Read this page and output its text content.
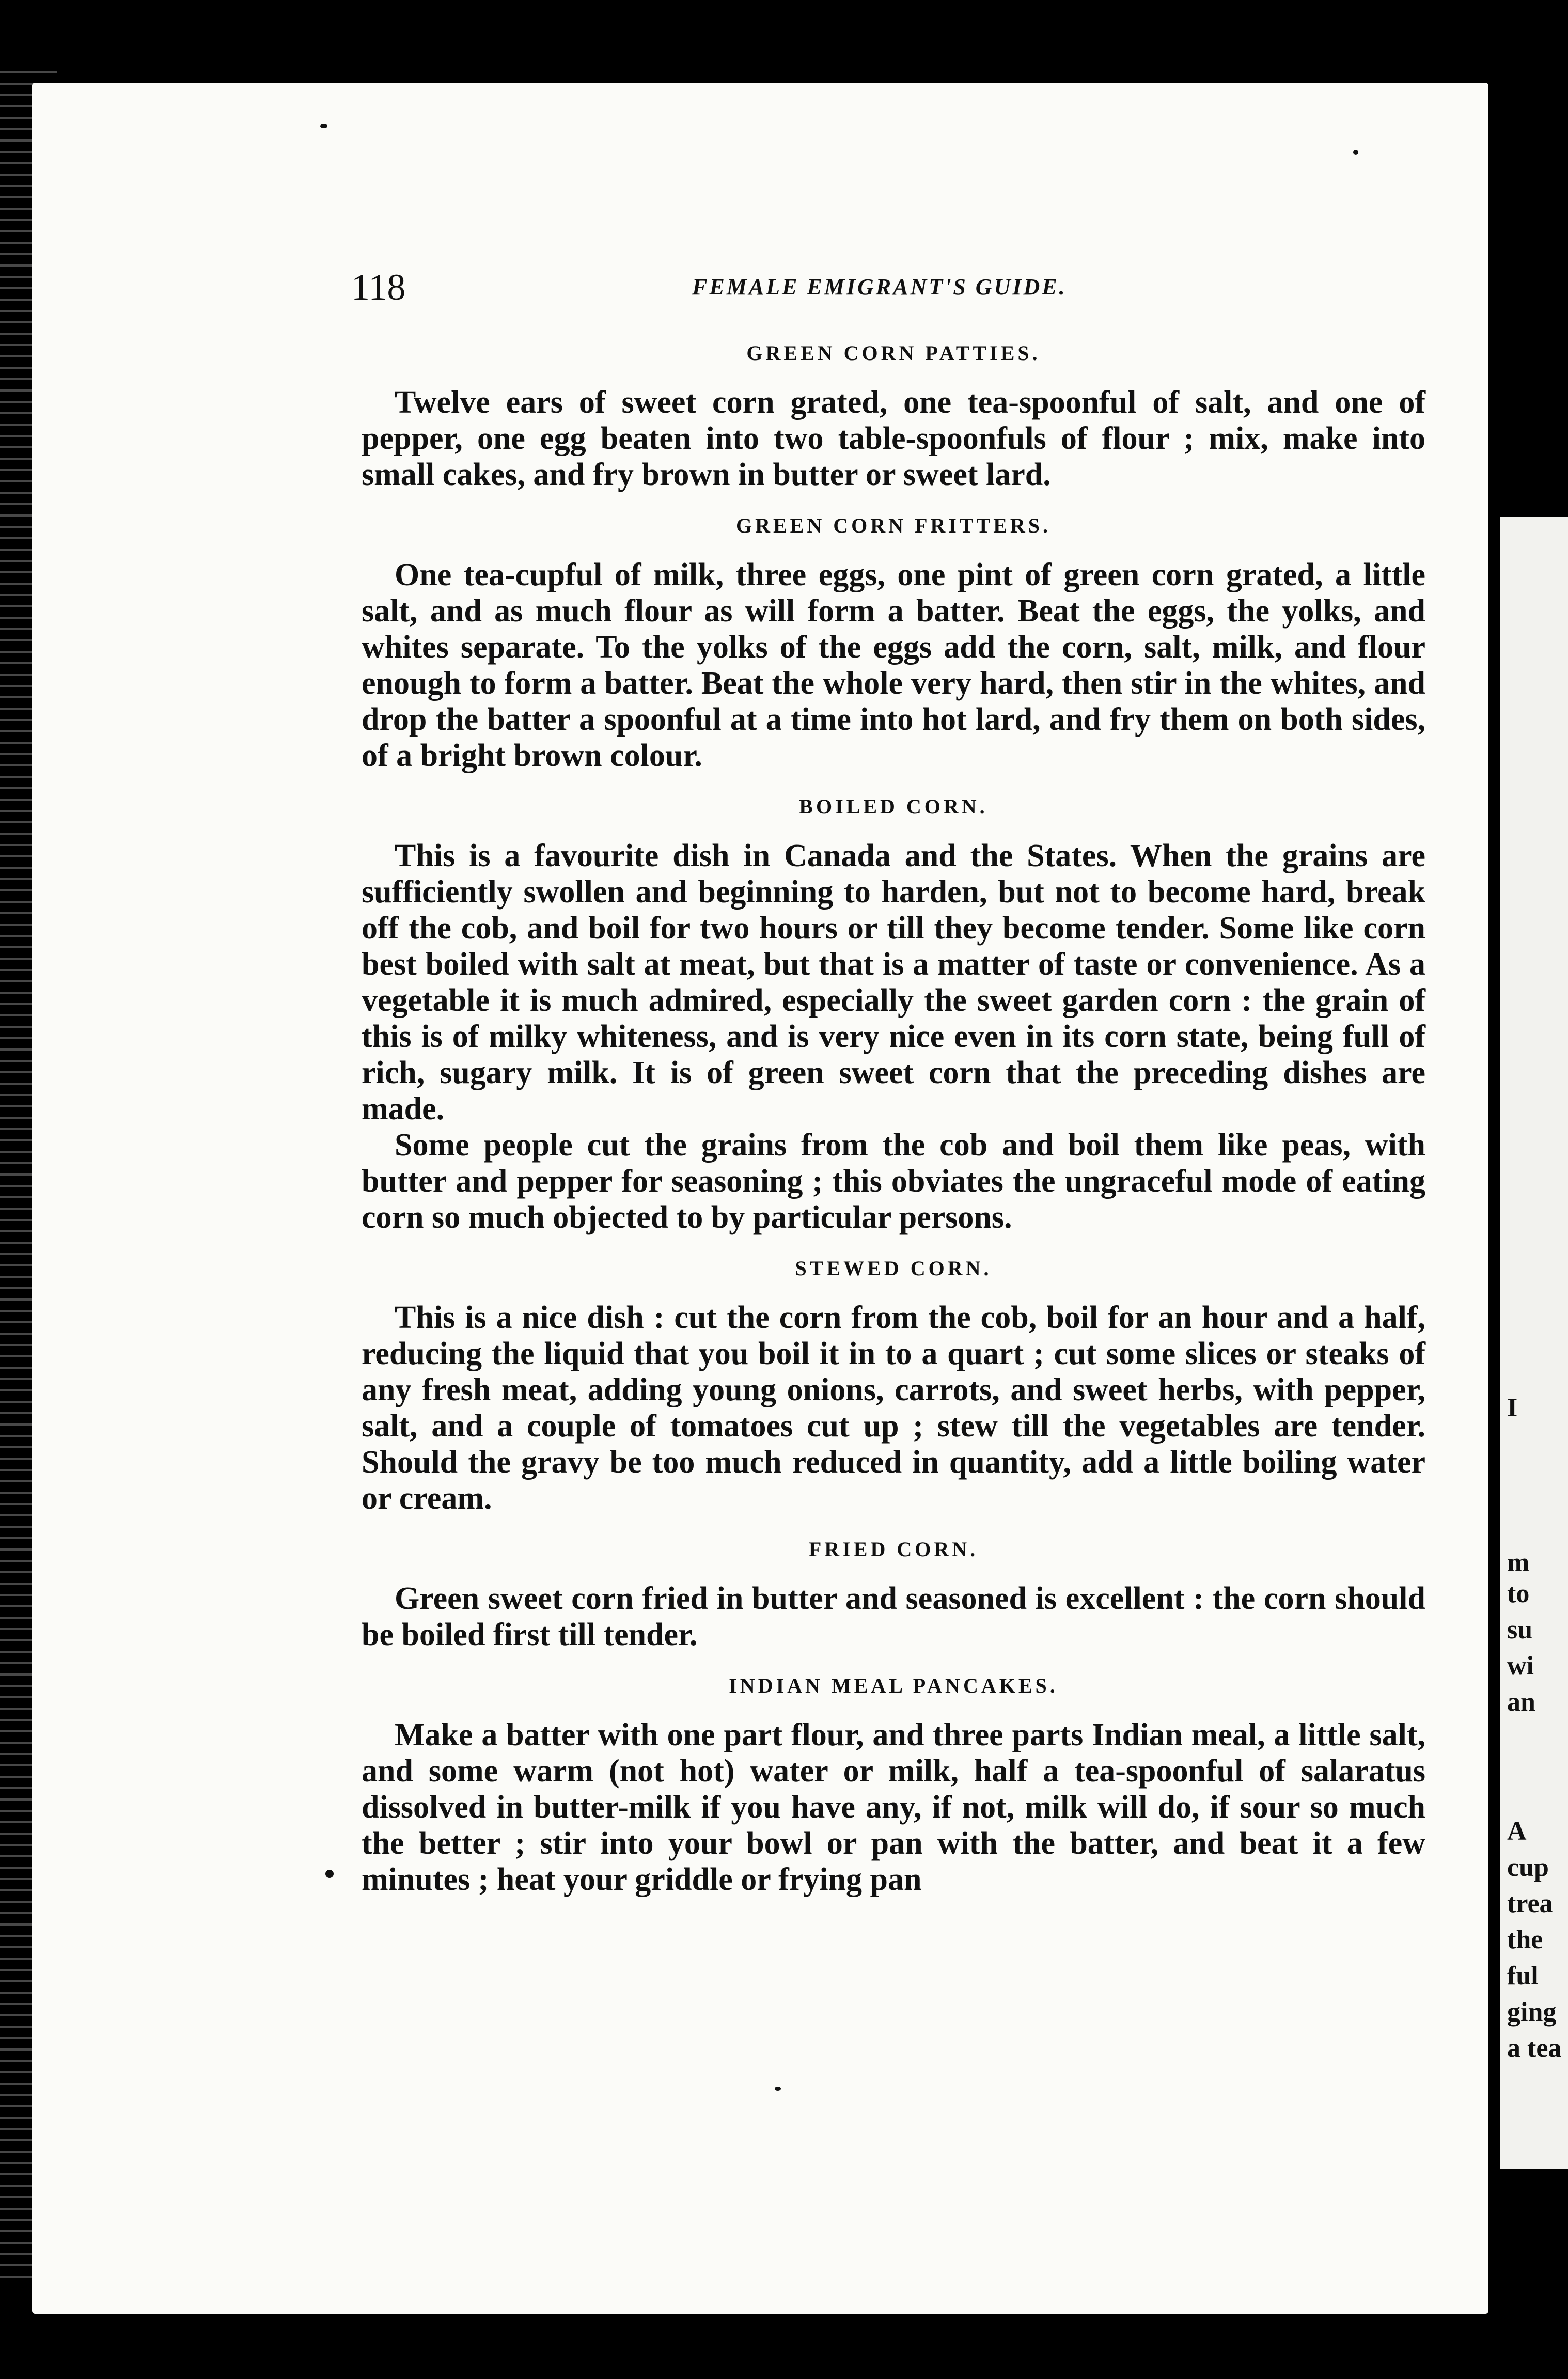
I
m
to
su
wi
an
A
cup
trea
the
ful
ging
a tea
118	FEMALE EMIGRANT'S GUIDE.
GREEN CORN PATTIES.

Twelve ears of sweet corn grated, one tea-spoonful of salt, and one of pepper, one egg beaten into two table-spoonfuls of flour ; mix, make into small cakes, and fry brown in butter or sweet lard.

GREEN CORN FRITTERS.

One tea-cupful of milk, three eggs, one pint of green corn grated, a little salt, and as much flour as will form a batter. Beat the eggs, the yolks, and whites separate. To the yolks of the eggs add the corn, salt, milk, and flour enough to form a batter. Beat the whole very hard, then stir in the whites, and drop the batter a spoonful at a time into hot lard, and fry them on both sides, of a bright brown colour.

BOILED CORN.

This is a favourite dish in Canada and the States. When the grains are sufficiently swollen and beginning to harden, but not to become hard, break off the cob, and boil for two hours or till they become tender. Some like corn best boiled with salt at meat, but that is a matter of taste or convenience. As a vegetable it is much admired, especially the sweet garden corn : the grain of this is of milky whiteness, and is very nice even in its corn state, being full of rich, sugary milk. It is of green sweet corn that the preceding dishes are made.

Some people cut the grains from the cob and boil them like peas, with butter and pepper for seasoning ; this obviates the ungraceful mode of eating corn so much objected to by particular persons.

STEWED CORN.

This is a nice dish : cut the corn from the cob, boil for an hour and a half, reducing the liquid that you boil it in to a quart ; cut some slices or steaks of any fresh meat, adding young onions, carrots, and sweet herbs, with pepper, salt, and a couple of tomatoes cut up ; stew till the vegetables are tender. Should the gravy be too much reduced in quantity, add a little boiling water or cream.

FRIED CORN.

Green sweet corn fried in butter and seasoned is excellent : the corn should be boiled first till tender.

INDIAN MEAL PANCAKES.

Make a batter with one part flour, and three parts Indian meal, a little salt, and some warm (not hot) water or milk, half a tea-spoonful of salaratus dissolved in butter-milk if you have any, if not, milk will do, if sour so much the better ; stir into your bowl or pan with the batter, and beat it a few minutes ; heat your griddle or frying pan
